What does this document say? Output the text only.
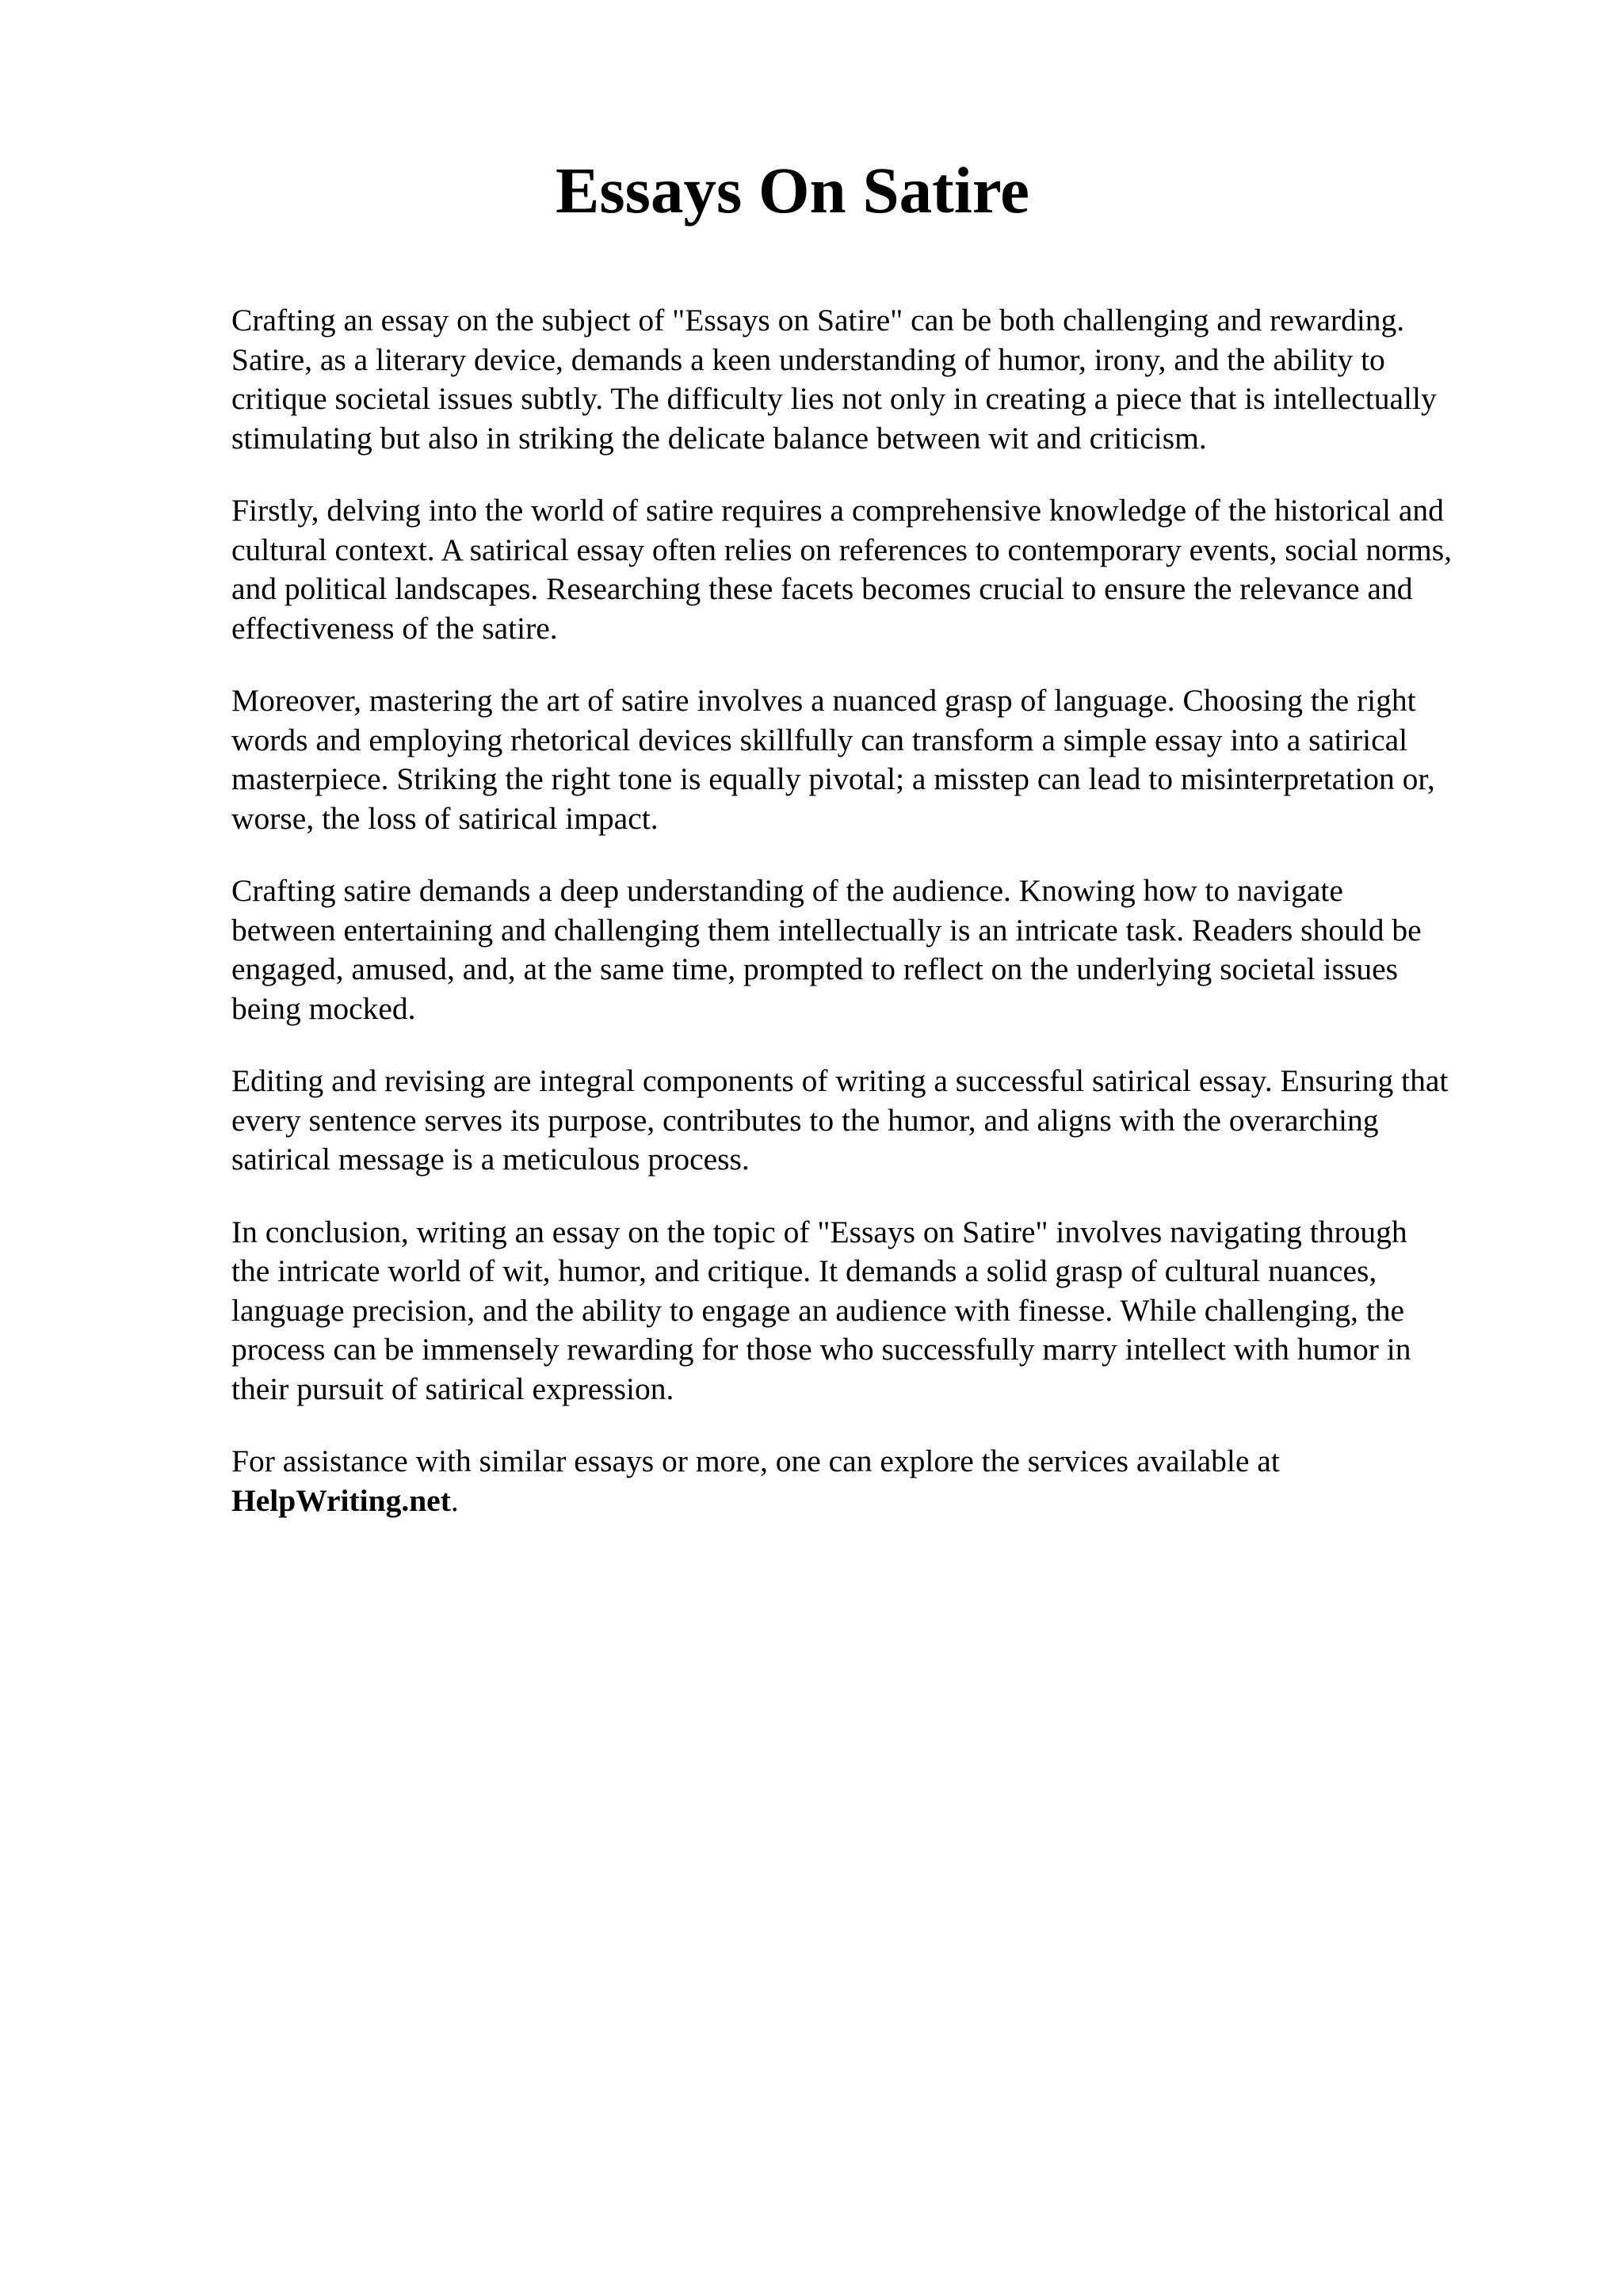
Essays On Satire

Crafting an essay on the subject of "Essays on Satire" can be both challenging and rewarding.
Satire, as a literary device, demands a keen understanding of humor, irony, and the ability to
critique societal issues subtly. The difficulty lies not only in creating a piece that is intellectually
stimulating but also in striking the delicate balance between wit and criticism.

Firstly, delving into the world of satire requires a comprehensive knowledge of the historical and
cultural context. A satirical essay often relies on references to contemporary events, social norms,
and political landscapes. Researching these facets becomes crucial to ensure the relevance and
effectiveness of the satire.

Moreover, mastering the art of satire involves a nuanced grasp of language. Choosing the right
words and employing rhetorical devices skillfully can transform a simple essay into a satirical
masterpiece. Striking the right tone is equally pivotal; a misstep can lead to misinterpretation or,
worse, the loss of satirical impact.

Crafting satire demands a deep understanding of the audience. Knowing how to navigate
between entertaining and challenging them intellectually is an intricate task. Readers should be
engaged, amused, and, at the same time, prompted to reflect on the underlying societal issues
being mocked.

Editing and revising are integral components of writing a successful satirical essay. Ensuring that
every sentence serves its purpose, contributes to the humor, and aligns with the overarching
satirical message is a meticulous process.

In conclusion, writing an essay on the topic of "Essays on Satire" involves navigating through
the intricate world of wit, humor, and critique. It demands a solid grasp of cultural nuances,
language precision, and the ability to engage an audience with finesse. While challenging, the
process can be immensely rewarding for those who successfully marry intellect with humor in
their pursuit of satirical expression.

For assistance with similar essays or more, one can explore the services available at
HelpWriting.net.
